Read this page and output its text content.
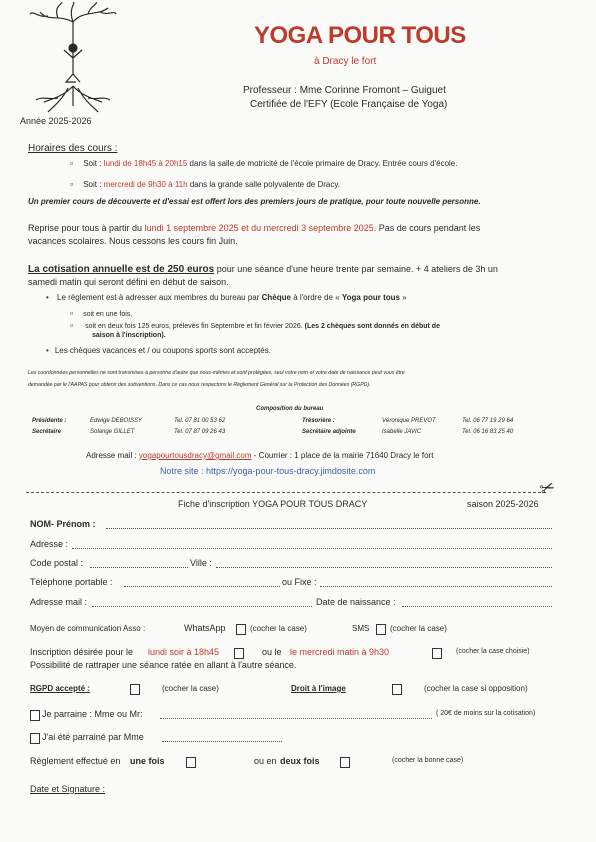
YOGA POUR TOUS
à Dracy le fort
Professeur : Mme Corinne Fromont – Guiguet
Certifiée de l'EFY (Ecole Française de Yoga)
Année 2025-2026
Horaires des cours :
▫ Soit : lundi de 18h45 à 20h15 dans la salle de motricité de l'école primaire de Dracy. Entrée cours d'école.
▫ Soit : mercredi de 9h30 à 11h dans la grande salle polyvalente de Dracy.
Un premier cours de découverte et d'essai est offert lors des premiers jours de pratique, pour toute nouvelle personne.
Reprise pour tous à partir du lundi 1 septembre 2025 et du mercredi 3 septembre 2025. Pas de cours pendant les
vacances scolaires. Nous cessons les cours fin Juin.
La cotisation annuelle est de 250 euros pour une séance d'une heure trente par semaine. + 4 ateliers de 3h un
samedi matin qui seront défini en début de saison.
• Le règlement est à adresser aux membres du bureau par Chèque à l'ordre de « Yoga pour tous »
▫ soit en une fois,
▫ soit en deux fois 125 euros, prélevés fin Septembre et fin février 2026. (Les 2 chèques sont donnés en début de
saison à l'inscription).
• Les chèques vacances et / ou coupons sports sont acceptés.
Les coordonnées personnelles ne sont transmises à personne d'autre que nous-mêmes et sont protégées, seul votre nom et votre date de naissance peut vous être
demandée par le l'AAPAS pour obtenir des subventions. Dans ce cas nous respectons le Règlement Général sur la Protection des Données (RGPD).
Composition du bureau
Présidente :	Edwige DEBOISSY	Tel. 07 81 00 53 62	Trésorière :	Véronique PREVOT	Tel. 06 77 19 29 64
Secrétaire	Solange GILLET	Tel. 07 87 09 26 43	Secrétaire adjointe	Isabelle JAVIC	Tel. 06 16 83 25 40
Adresse mail : yogapourtousdracy@gmail.com - Courrier : 1 place de la mairie 71640 Dracy le fort
Notre site : https://yoga-pour-tous-dracy.jimdosite.com
✂
Fiche d'inscription YOGA POUR TOUS DRACY	saison 2025-2026
NOM- Prénom :
Adresse :
Code postal :	Ville :
Téléphone portable :	ou Fixe :
Adresse mail :	Date de naissance :
Moyen de communication Asso :	WhatsApp	(cocher la case)	SMS	(cocher la case)
Inscription désirée pour le lundi soir à 18h45	ou le le mercredi matin à 9h30	(cocher la case choisie)
Possibilité de rattraper une séance ratée en allant à l'autre séance.
RGPD accepté :	(cocher la case)	Droit à l'image	(cocher la case si opposition)
Je parraine : Mme ou Mr:	( 20€ de moins sur la cotisation)
J'ai été parrainé par Mme
Règlement effectué en une fois	ou en deux fois	(cocher la bonne case)
Date et Signature :
